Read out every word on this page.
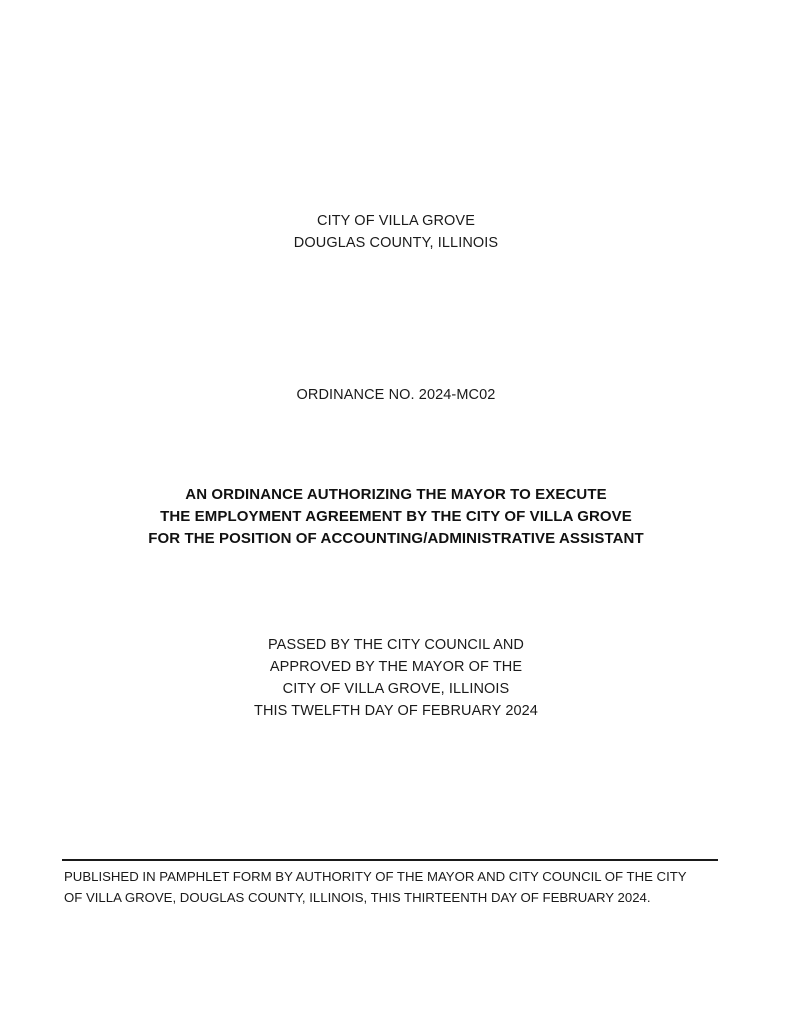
CITY OF VILLA GROVE
DOUGLAS COUNTY, ILLINOIS
ORDINANCE NO. 2024-MC02
AN ORDINANCE AUTHORIZING THE MAYOR TO EXECUTE
THE EMPLOYMENT AGREEMENT BY THE CITY OF VILLA GROVE
FOR THE POSITION OF ACCOUNTING/ADMINISTRATIVE ASSISTANT
PASSED BY THE CITY COUNCIL AND
APPROVED BY THE MAYOR OF THE
CITY OF VILLA GROVE, ILLINOIS
THIS TWELFTH DAY OF FEBRUARY 2024
PUBLISHED IN PAMPHLET FORM BY AUTHORITY OF THE MAYOR AND CITY COUNCIL OF THE CITY
OF VILLA GROVE, DOUGLAS COUNTY, ILLINOIS, THIS THIRTEENTH DAY OF FEBRUARY 2024.
